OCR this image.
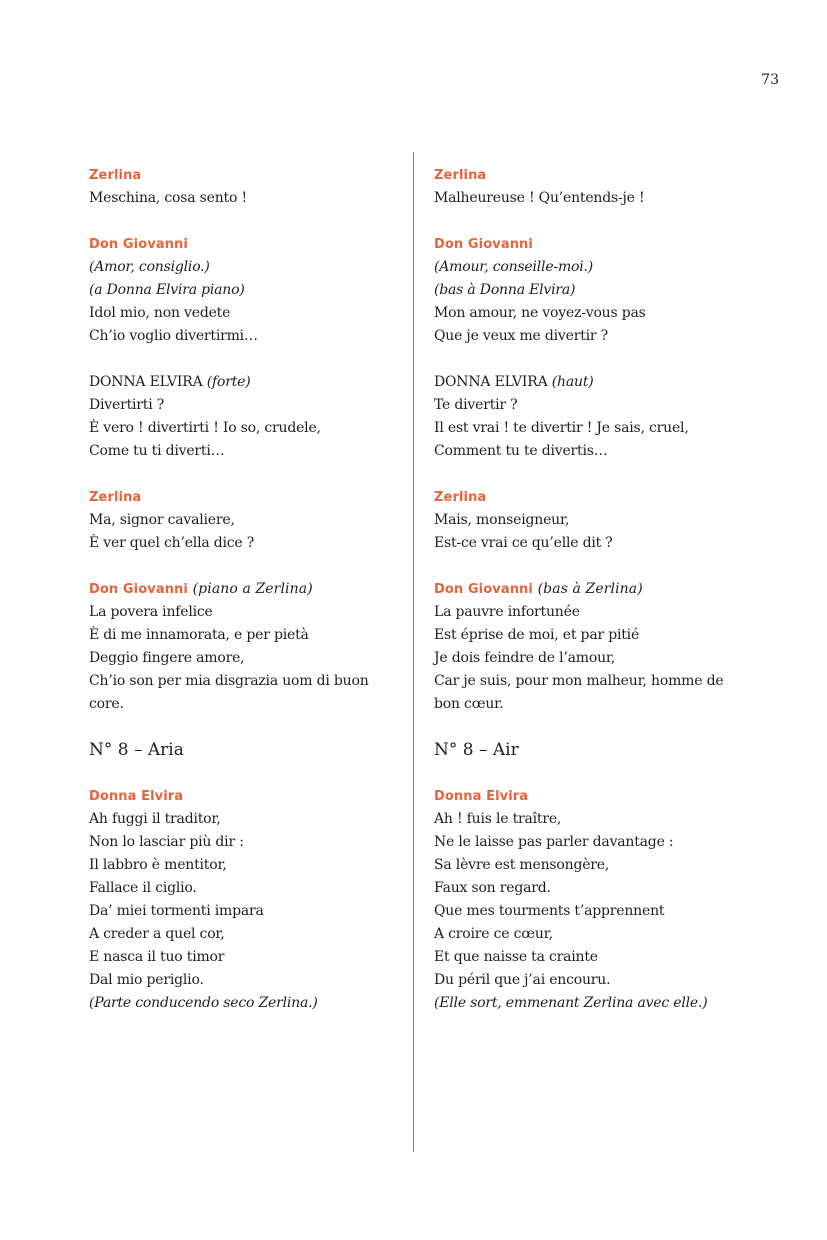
73
Zerlina
Meschina, cosa sento !
Don Giovanni
(Amor, consiglio.)
(a Donna Elvira piano)
Idol mio, non vedete
Ch’io voglio divertirmi…
DONNA ELVIRA (forte)
Divertirti ?
È vero ! divertirti ! Io so, crudele,
Come tu ti diverti…
Zerlina
Ma, signor cavaliere,
È ver quel ch’ella dice ?
Don Giovanni (piano a Zerlina)
La povera infelice
È di me innamorata, e per pietà
Deggio fingere amore,
Ch’io son per mia disgrazia uom di buon
core.
N° 8 – Aria
Donna Elvira
Ah fuggi il traditor,
Non lo lasciar più dir :
Il labbro è mentitor,
Fallace il ciglio.
Da’ miei tormenti impara
A creder a quel cor,
E nasca il tuo timor
Dal mio periglio.
(Parte conducendo seco Zerlina.)
Zerlina
Malheureuse ! Qu’entends-je !
Don Giovanni
(Amour, conseille-moi.)
(bas à Donna Elvira)
Mon amour, ne voyez-vous pas
Que je veux me divertir ?
DONNA ELVIRA (haut)
Te divertir ?
Il est vrai ! te divertir ! Je sais, cruel,
Comment tu te divertis…
Zerlina
Mais, monseigneur,
Est-ce vrai ce qu’elle dit ?
Don Giovanni (bas à Zerlina)
La pauvre infortunée
Est éprise de moi, et par pitié
Je dois feindre de l’amour,
Car je suis, pour mon malheur, homme de
bon cœur.
N° 8 – Air
Donna Elvira
Ah ! fuis le traître,
Ne le laisse pas parler davantage :
Sa lèvre est mensongère,
Faux son regard.
Que mes tourments t’apprennent
A croire ce cœur,
Et que naisse ta crainte
Du péril que j’ai encouru.
(Elle sort, emmenant Zerlina avec elle.)
